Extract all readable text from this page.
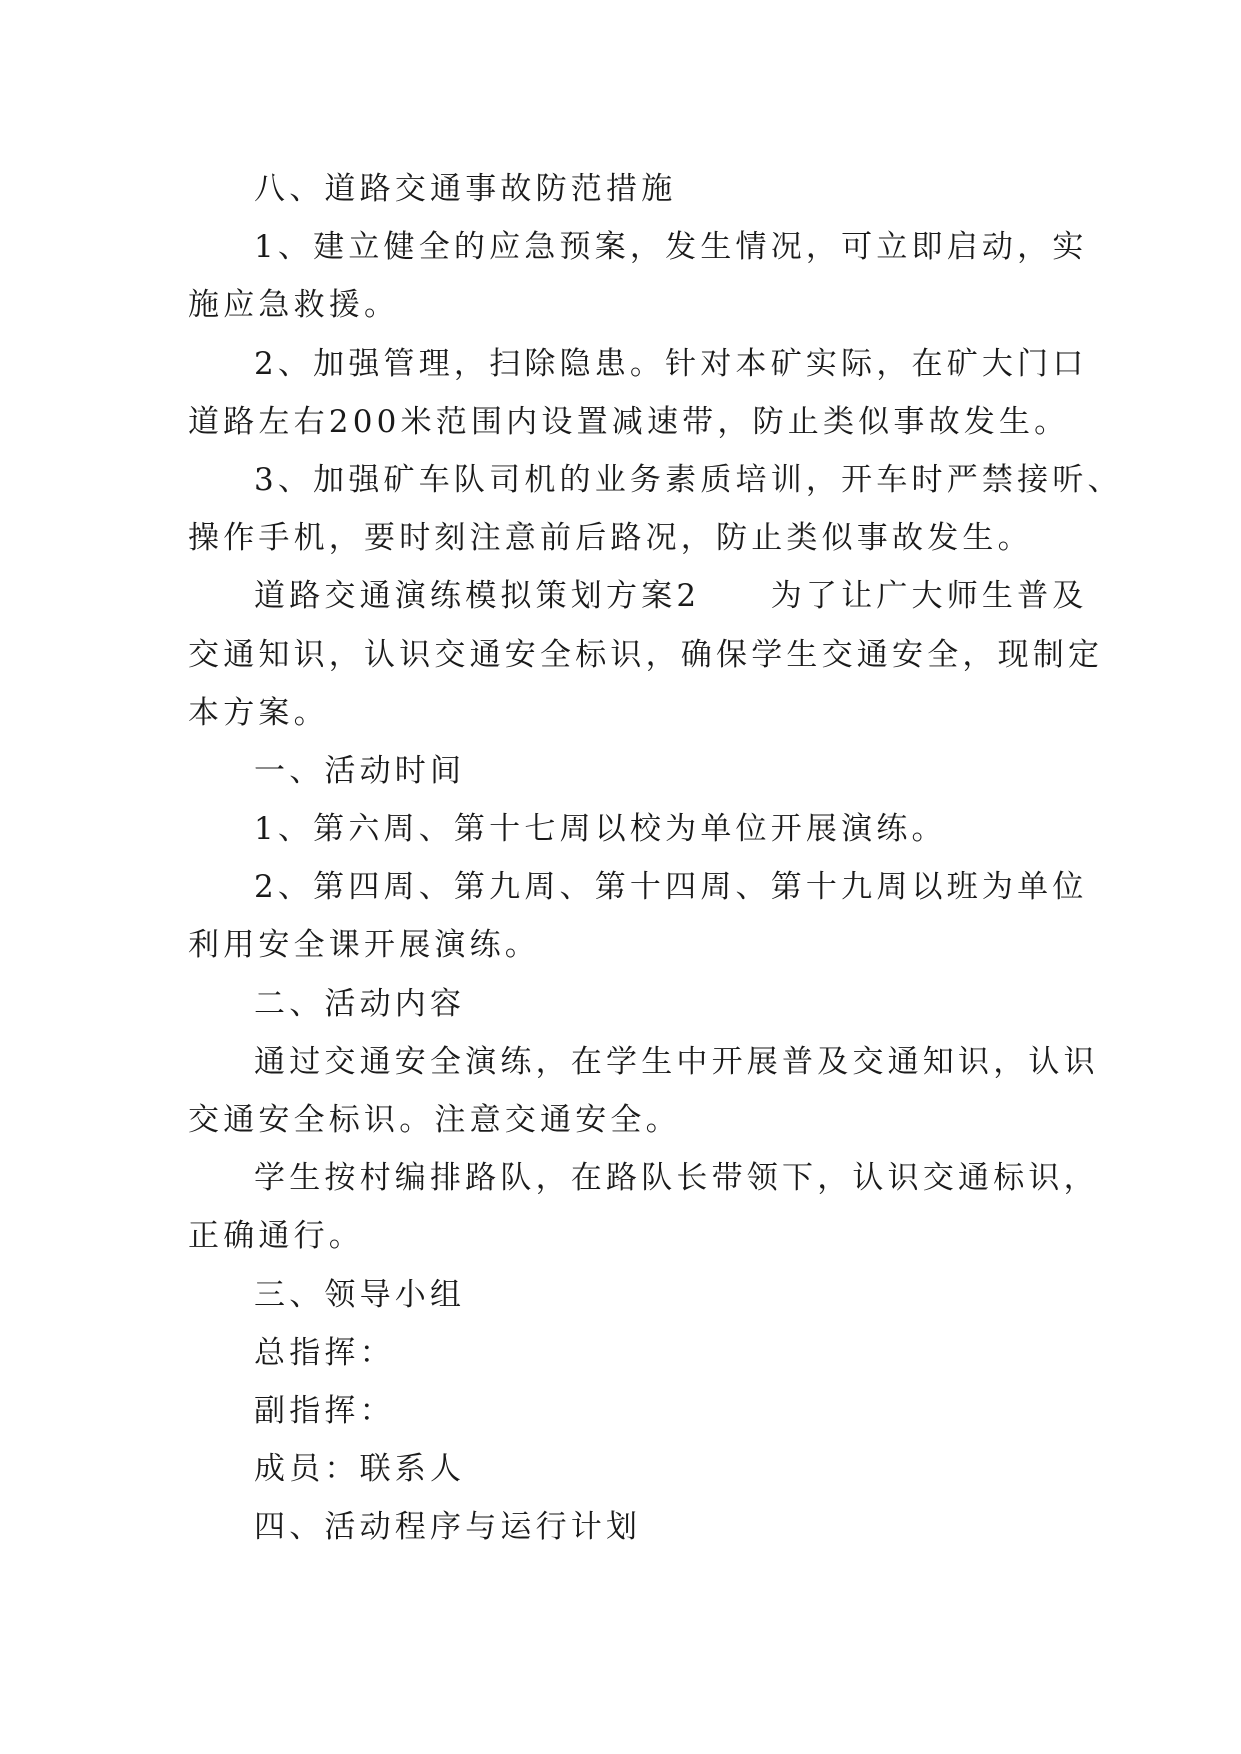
八、道路交通事故防范措施
1、建立健全的应急预案，发生情况，可立即启动，实
施应急救援。
2、加强管理，扫除隐患。针对本矿实际，在矿大门口
道路左右200米范围内设置减速带，防止类似事故发生。
3、加强矿车队司机的业务素质培训，开车时严禁接听、
操作手机，要时刻注意前后路况，防止类似事故发生。
道路交通演练模拟策划方案2　　为了让广大师生普及
交通知识，认识交通安全标识，确保学生交通安全，现制定
本方案。
一、活动时间
1、第六周、第十七周以校为单位开展演练。
2、第四周、第九周、第十四周、第十九周以班为单位
利用安全课开展演练。
二、活动内容
通过交通安全演练，在学生中开展普及交通知识，认识
交通安全标识。注意交通安全。
学生按村编排路队，在路队长带领下，认识交通标识，
正确通行。
三、领导小组
总指挥：
副指挥：
成员：联系人
四、活动程序与运行计划
